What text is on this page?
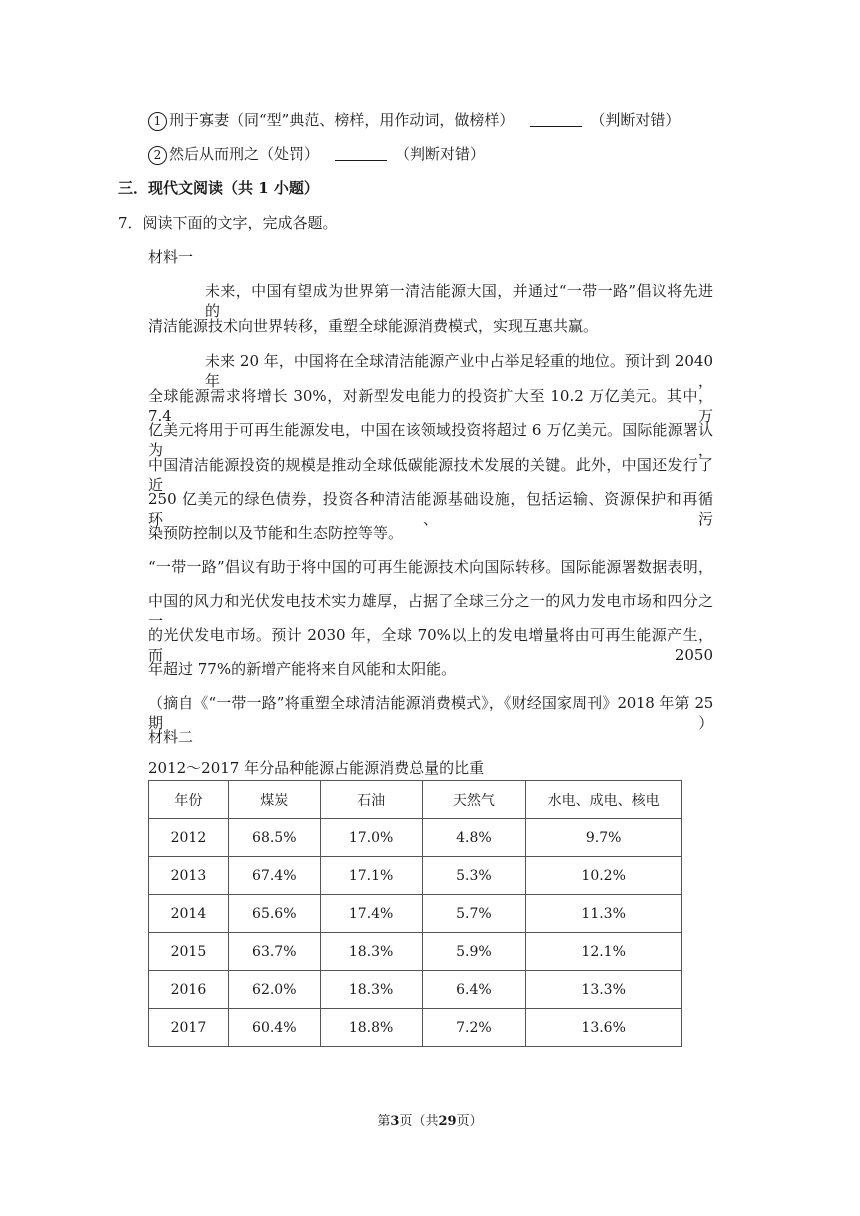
1 刑于寡妻（同“型”典范、榜样，用作动词，做榜样）	（判断对错）
2 然后从而刑之（处罚）	（判断对错）
三．现代文阅读（共 1 小题）
7．阅读下面的文字，完成各题。
材料一
未来，中国有望成为世界第一清洁能源大国，并通过“一带一路”倡议将先进的
清洁能源技术向世界转移，重塑全球能源消费模式，实现互惠共赢。
未来 20 年，中国将在全球清洁能源产业中占举足轻重的地位。预计到 2040 年，
全球能源需求将增长 30%，对新型发电能力的投资扩大至 10.2 万亿美元。其中，7.4 万
亿美元将用于可再生能源发电，中国在该领域投资将超过 6 万亿美元。国际能源署认为，
中国清洁能源投资的规模是推动全球低碳能源技术发展的关键。此外，中国还发行了近
250 亿美元的绿色债券，投资各种清洁能源基础设施，包括运输、资源保护和再循环、污
染预防控制以及节能和生态防控等等。
“一带一路”倡议有助于将中国的可再生能源技术向国际转移。国际能源署数据表明，
中国的风力和光伏发电技术实力雄厚，占据了全球三分之一的风力发电市场和四分之一
的光伏发电市场。预计 2030 年，全球 70%以上的发电增量将由可再生能源产生，而 2050
年超过 77%的新增产能将来自风能和太阳能。
（摘自《“一带一路”将重塑全球清洁能源消费模式》，《财经国家周刊》2018 年第 25 期）
材料二
2012～2017 年分品种能源占能源消费总量的比重
年份	煤炭	石油	天然气	水电、成电、核电
2012	68.5%	17.0%	4.8%	9.7%
2013	67.4%	17.1%	5.3%	10.2%
2014	65.6%	17.4%	5.7%	11.3%
2015	63.7%	18.3%	5.9%	12.1%
2016	62.0%	18.3%	6.4%	13.3%
2017	60.4%	18.8%	7.2%	13.6%
第3页（共29页）
